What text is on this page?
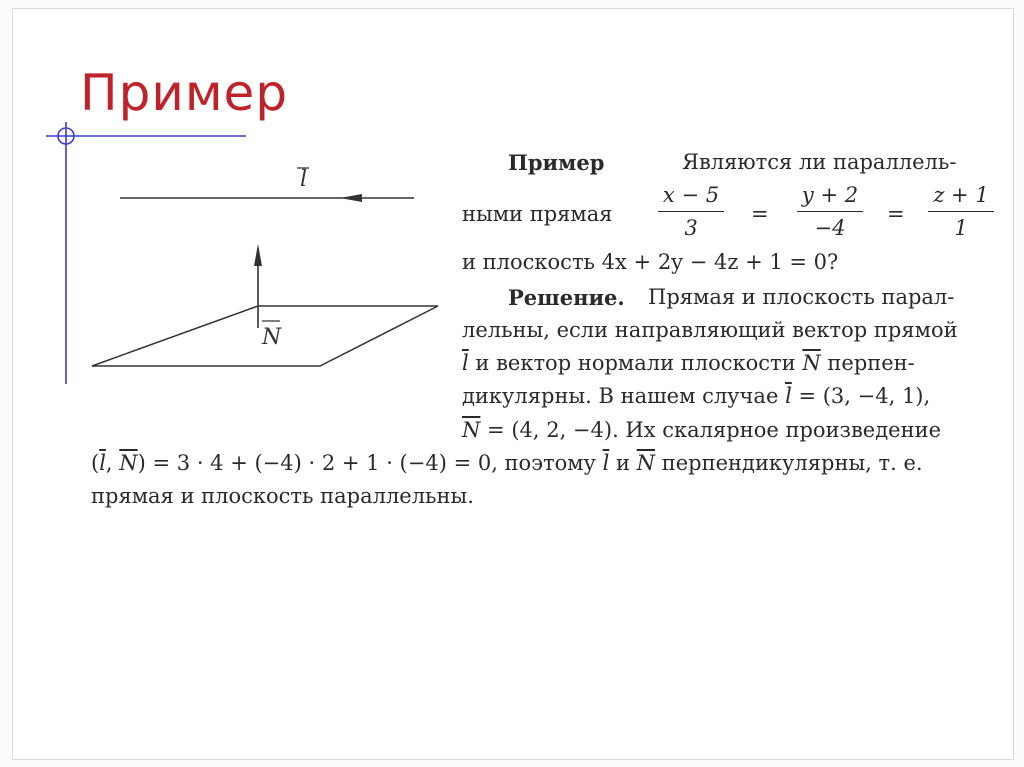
Пример
l
N
Пример	Являются ли параллель-
ными прямая $\frac{x - 5}{3} = \frac{y + 2}{-4} = \frac{z + 1}{1}$
и плоскость 4x + 2y − 4z + 1 = 0?
Решение. Прямая и плоскость парал-
лельны, если направляющий вектор прямой
$\overline{l}$ и вектор нормали плоскости $\overline{N}$ перпен-
дикулярны. В нашем случае $\overline{l} = (3$, −4, 1),
$\overline{N} = (4$, 2, −4). Их скалярное произведение
($\overline{l}$, $\overline{N}) = 3 \cdot 4 + (-4) \cdot 2 + 1 \cdot (-4) = 0$, поэтому $\overline{l}$ и $\overline{N}$ перпендикулярны, т. е.
прямая и плоскость параллельны.
